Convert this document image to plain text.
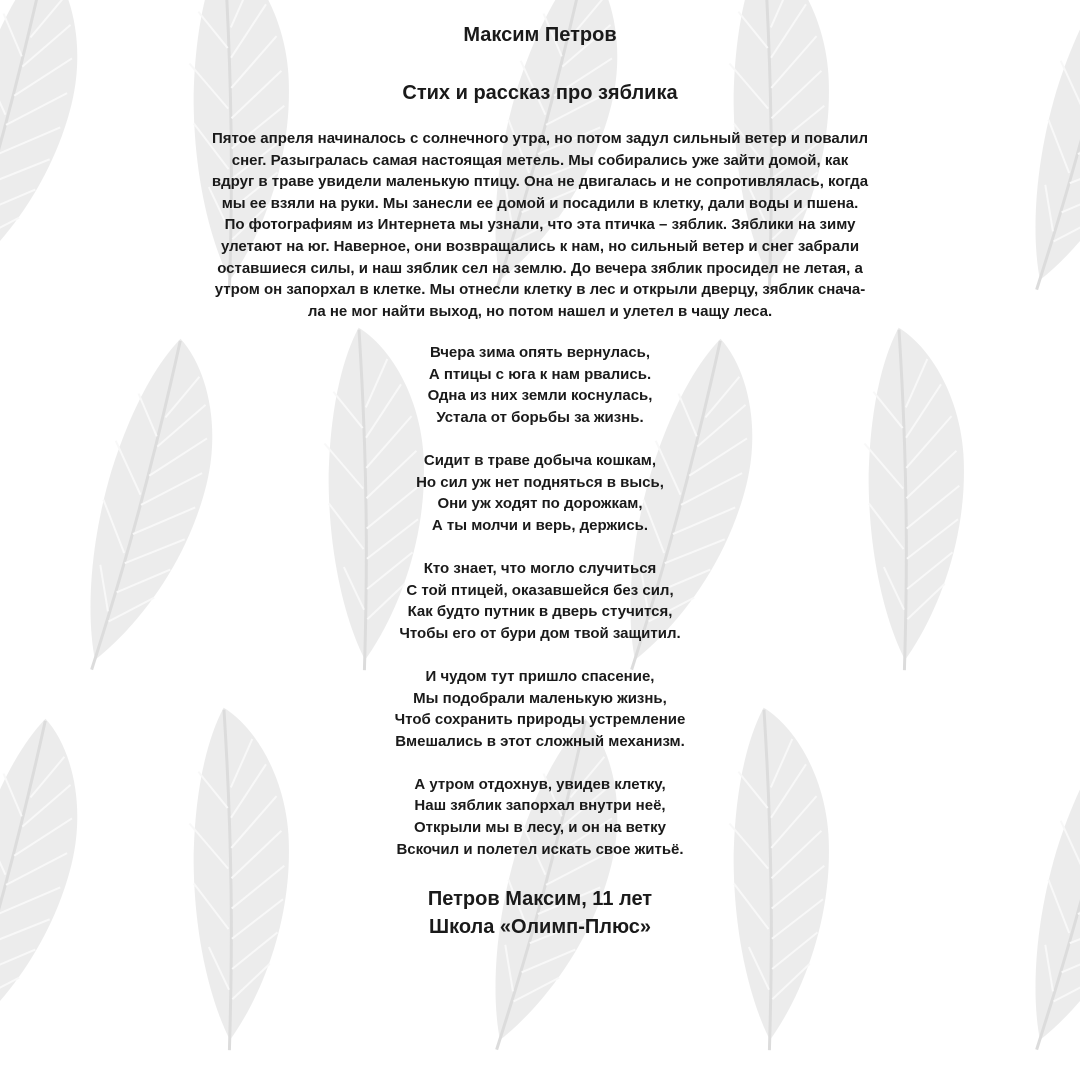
Максим Петров
Стих и рассказ про зяблика
Пятое апреля начиналось с солнечного утра, но потом задул сильный ветер и повалил
снег. Разыгралась самая настоящая метель. Мы собирались уже зайти домой, как
вдруг в траве увидели маленькую птицу. Она не двигалась и не сопротивлялась, когда
мы ее взяли на руки. Мы занесли ее домой и посадили в клетку, дали воды и пшена.
По фотографиям из Интернета мы узнали, что эта птичка – зяблик. Зяблики на зиму
улетают на юг. Наверное, они возвращались к нам, но сильный ветер и снег забрали
оставшиеся силы, и наш зяблик сел на землю. До вечера зяблик просидел не летая, а
утром он запорхал в клетке. Мы отнесли клетку в лес и открыли дверцу, зяблик снача-
ла не мог найти выход, но потом нашел и улетел в чащу леса.
Вчера зима опять вернулась,
А птицы с юга к нам рвались.
Одна из них земли коснулась,
Устала от борьбы за жизнь.
Сидит в траве добыча кошкам,
Но сил уж нет подняться в высь,
Они уж ходят по дорожкам,
А ты молчи и верь, держись.
Кто знает, что могло случиться
С той птицей, оказавшейся без сил,
Как будто путник в дверь стучится,
Чтобы его от бури дом твой защитил.
И чудом тут пришло спасение,
Мы подобрали маленькую жизнь,
Чтоб сохранить природы устремление
Вмешались в этот сложный механизм.
А утром отдохнув, увидев клетку,
Наш зяблик запорхал внутри неё,
Открыли мы в лесу, и он на ветку
Вскочил и полетел искать свое житьё.
Петров Максим, 11 лет
Школа «Олимп-Плюс»
